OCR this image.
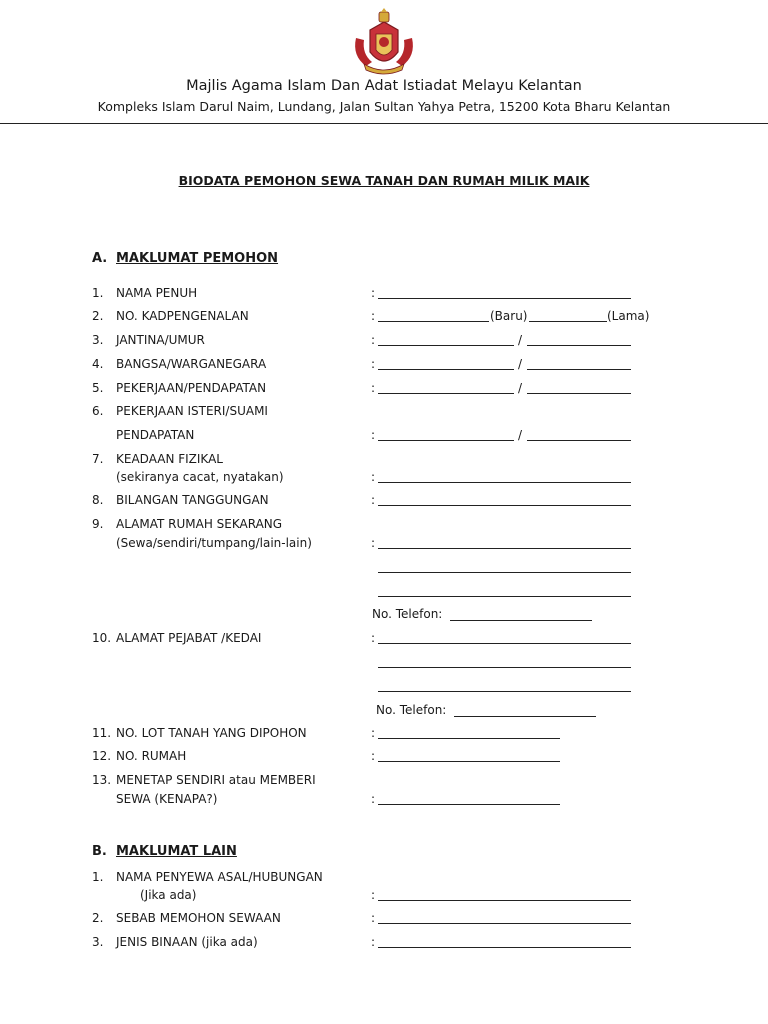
Majlis Agama Islam Dan Adat Istiadat Melayu Kelantan
Kompleks Islam Darul Naim, Lundang, Jalan Sultan Yahya Petra, 15200 Kota Bharu Kelantan
BIODATA PEMOHON SEWA TANAH DAN RUMAH MILIK MAIK
A. MAKLUMAT PEMOHON
1. NAMA PENUH	:
2. NO. KADPENGENALAN	:	(Baru)	(Lama)
3. JANTINA/UMUR	:	/
4. BANGSA/WARGANEGARA	:	/
5. PEKERJAAN/PENDAPATAN	:	/
6. PEKERJAAN ISTERI/SUAMI
PENDAPATAN	:	/
7. KEADAAN FIZIKAL
(sekiranya cacat, nyatakan)	:
8. BILANGAN TANGGUNGAN	:
9. ALAMAT RUMAH SEKARANG
(Sewa/sendiri/tumpang/lain-lain)	:
No. Telefon:
10. ALAMAT PEJABAT /KEDAI	:
No. Telefon:
11. NO. LOT TANAH YANG DIPOHON	:
12. NO. RUMAH	:
13. MENETAP SENDIRI atau MEMBERI
SEWA (KENAPA?)	:
B. MAKLUMAT LAIN
1. NAMA PENYEWA ASAL/HUBUNGAN
(Jika ada)	:
2. SEBAB MEMOHON SEWAAN	:
3. JENIS BINAAN (jika ada)	:
